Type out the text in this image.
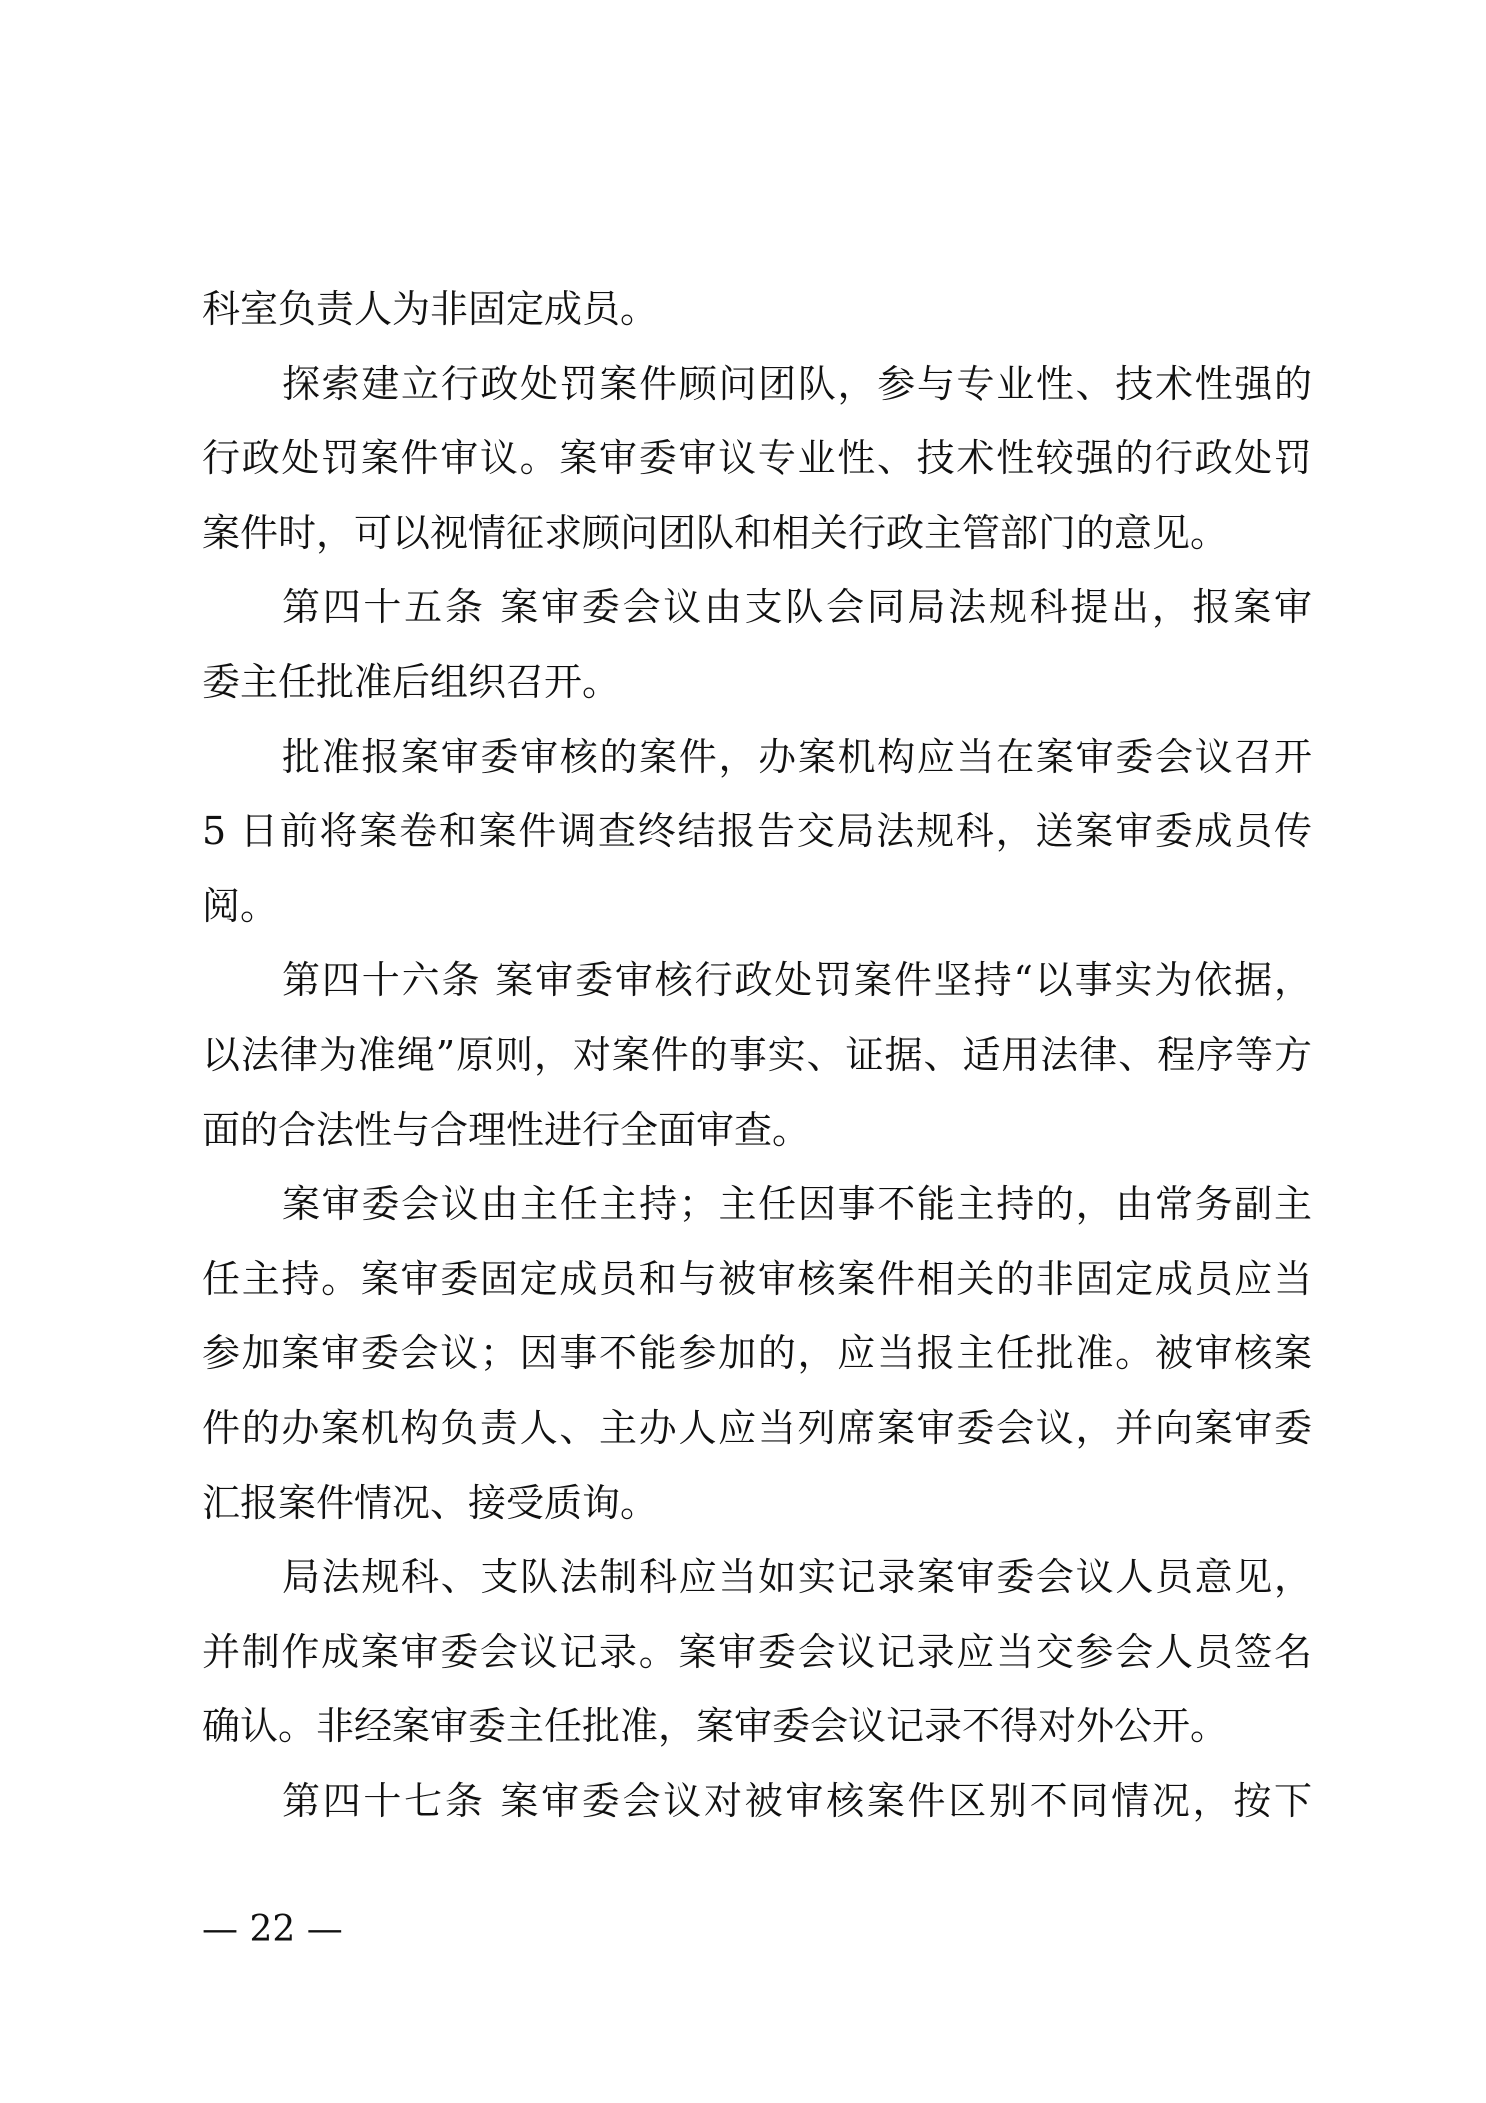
科室负责人为非固定成员。
探索建立行政处罚案件顾问团队，参与专业性、技术性强的
行政处罚案件审议。案审委审议专业性、技术性较强的行政处罚
案件时，可以视情征求顾问团队和相关行政主管部门的意见。
第四十五条 案审委会议由支队会同局法规科提出，报案审
委主任批准后组织召开。
批准报案审委审核的案件，办案机构应当在案审委会议召开
5 日前将案卷和案件调查终结报告交局法规科，送案审委成员传
阅。
第四十六条 案审委审核行政处罚案件坚持“以事实为依据，
以法律为准绳”原则，对案件的事实、证据、适用法律、程序等方
面的合法性与合理性进行全面审查。
案审委会议由主任主持；主任因事不能主持的，由常务副主
任主持。案审委固定成员和与被审核案件相关的非固定成员应当
参加案审委会议；因事不能参加的，应当报主任批准。被审核案
件的办案机构负责人、主办人应当列席案审委会议，并向案审委
汇报案件情况、接受质询。
局法规科、支队法制科应当如实记录案审委会议人员意见，
并制作成案审委会议记录。案审委会议记录应当交参会人员签名
确认。非经案审委主任批准，案审委会议记录不得对外公开。
第四十七条 案审委会议对被审核案件区别不同情况，按下
— 22 —
